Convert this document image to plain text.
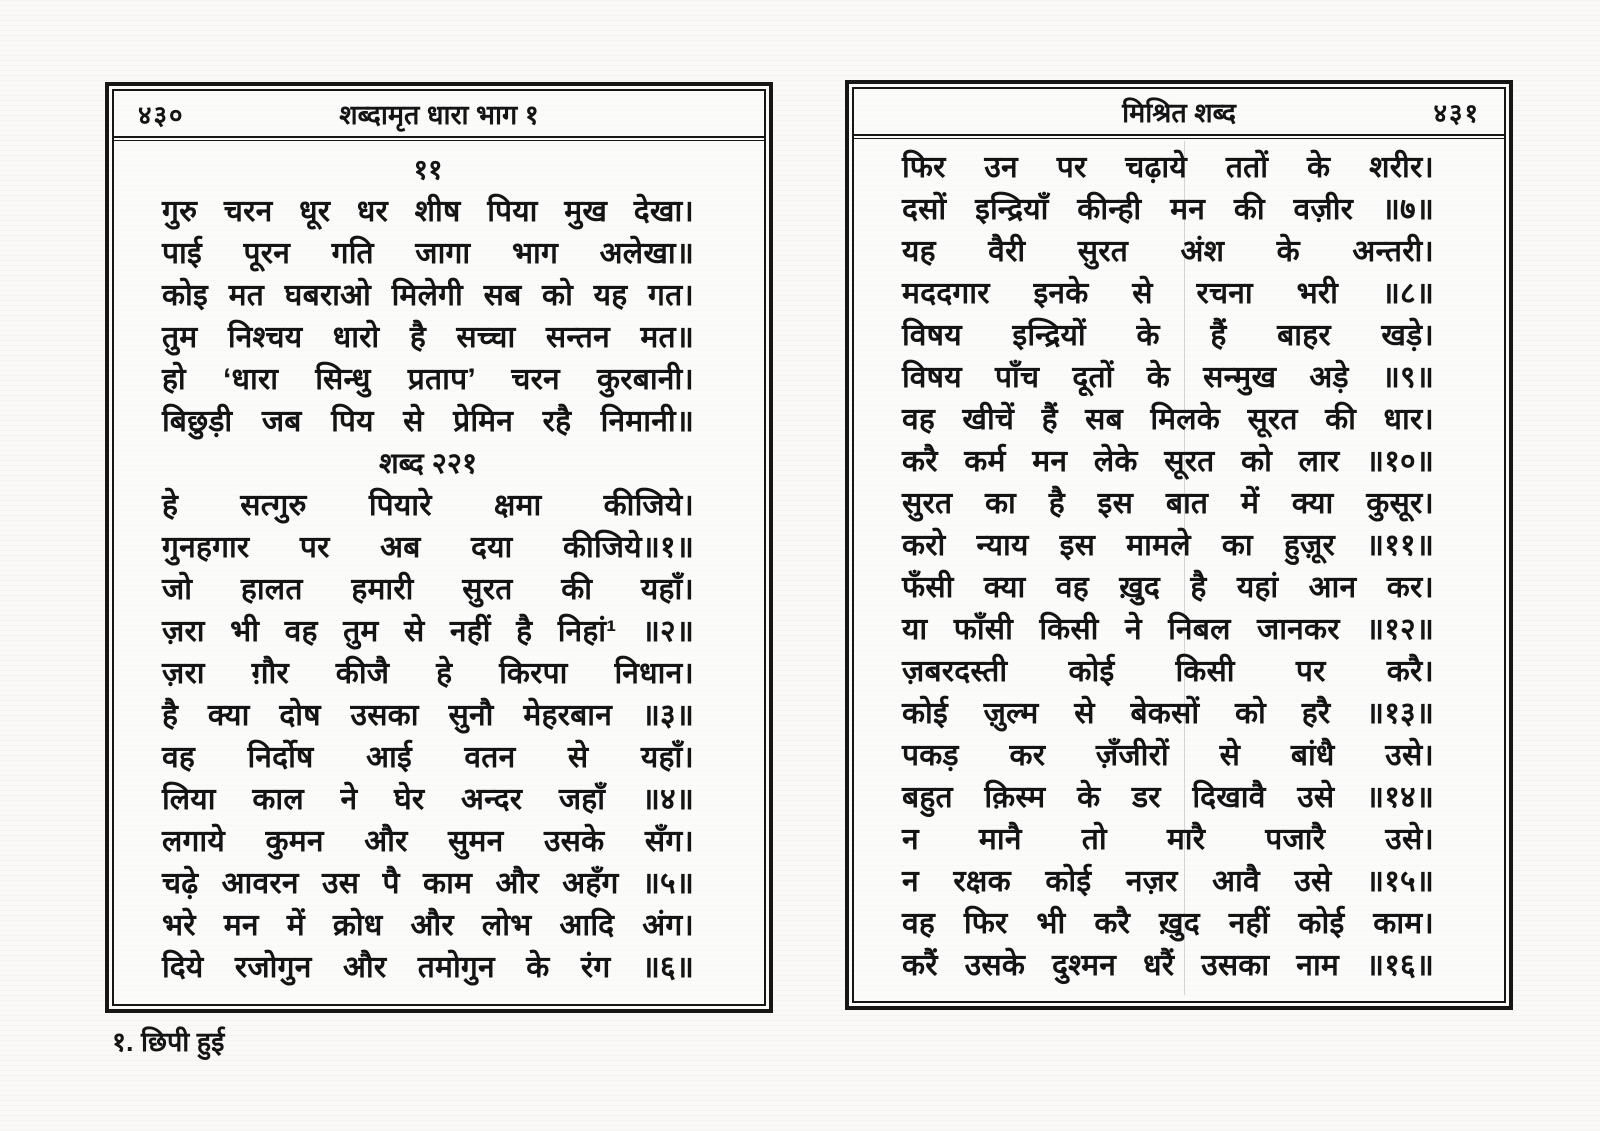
४३०	शब्दामृत धारा भाग १
११
गुरु चरन धूर धर शीष पिया मुख देखा।
पाई पूरन गति जागा भाग अलेखा॥
कोइ मत घबराओ मिलेगी सब को यह गत।
तुम निश्चय धारो है सच्चा सन्तन मत॥
हो ‘धारा सिन्धु प्रताप’ चरन कुरबानी।
बिछुड़ी जब पिय से प्रेमिन रहै निमानी॥
शब्द २२१
हे सत्गुरु पियारे क्षमा कीजिये।
गुनहगार पर अब दया कीजिये॥१॥
जो हालत हमारी सुरत की यहाँ।
ज़रा भी वह तुम से नहीं है निहां¹ ॥२॥
ज़रा ग़ौर कीजै हे किरपा निधान।
है क्या दोष उसका सुनौ मेहरबान ॥३॥
वह निर्दोष आई वतन से यहाँ।
लिया काल ने घेर अन्दर जहाँ ॥४॥
लगाये कुमन और सुमन उसके सँग।
चढ़े आवरन उस पै काम और अहँग ॥५॥
भरे मन में क्रोध और लोभ आदि अंग।
दिये रजोगुन और तमोगुन के रंग ॥६॥
१. छिपी हुई
मिश्रित शब्द	४३१
फिर उन पर चढ़ाये ततों के शरीर।
दसों इन्द्रियाँ कीन्ही मन की वज़ीर ॥७॥
यह वैरी सुरत अंश के अन्तरी।
मददगार इनके से रचना भरी ॥८॥
विषय इन्द्रियों के हैं बाहर खड़े।
विषय पाँच दूतों के सन्मुख अड़े ॥९॥
वह खीचें हैं सब मिलके सूरत की धार।
करै कर्म मन लेके सूरत को लार ॥१०॥
सुरत का है इस बात में क्या कुसूर।
करो न्याय इस मामले का हुज़ूर ॥११॥
फँसी क्या वह ख़ुद है यहां आन कर।
या फाँसी किसी ने निबल जानकर ॥१२॥
ज़बरदस्ती कोई किसी पर करै।
कोई ज़ुल्म से बेकसों को हरै ॥१३॥
पकड़ कर ज़ँजीरों से बांधै उसे।
बहुत क़िस्म के डर दिखावै उसे ॥१४॥
न मानै तो मारै पजारै उसे।
न रक्षक कोई नज़र आवै उसे ॥१५॥
वह फिर भी करै ख़ुद नहीं कोई काम।
करैं उसके दुश्मन धरैं उसका नाम ॥१६॥
